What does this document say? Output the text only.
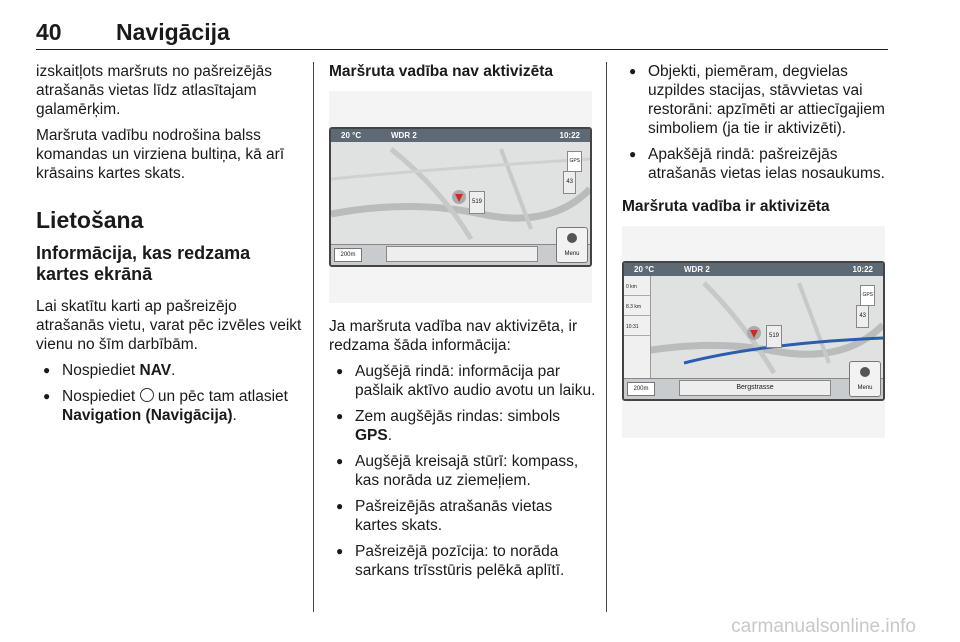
40 Navigācija

izskaitļots maršruts no pašreizējās atrašanās vietas līdz atlasītajam galamērķim.

Maršruta vadību nodrošina balss komandas un virziena bultiņa, kā arī krāsains kartes skats.

Lietošana
Informācija, kas redzama kartes ekrānā

Lai skatītu karti ap pašreizējo atrašanās vietu, varat pēc izvēles veikt vienu no šīm darbībām.

● Nospiediet NAV.
● Nospiediet  un pēc tam atlasiet Navigation (Navigācija).
Maršruta vadība nav aktivizēta
20 °C	WDR 2	10:22
GPS
43
519
200m	Menu

Ja maršruta vadība nav aktivizēta, ir redzama šāda informācija:

● Augšējā rindā: informācija par pašlaik aktīvo audio avotu un laiku.
● Zem augšējās rindas: simbols GPS.
● Augšējā kreisajā stūrī: kompass, kas norāda uz ziemeļiem.
● Pašreizējās atrašanās vietas kartes skats.
● Pašreizējā pozīcija: to norāda sarkans trīsstūris pelēkā aplītī.
● Objekti, piemēram, degvielas uzpildes stacijas, stāvvietas vai restorāni: apzīmēti ar attiecīgajiem simboliem (ja tie ir aktivizēti).
● Apakšējā rindā: pašreizējās atrašanās vietas ielas nosaukums.
Maršruta vadība ir aktivizēta
20 °C	WDR 2	10:22
0 km
8.3 km
10:31
GPS
43
519
200m	Bergstrasse	Menu
carmanualsonline.info
